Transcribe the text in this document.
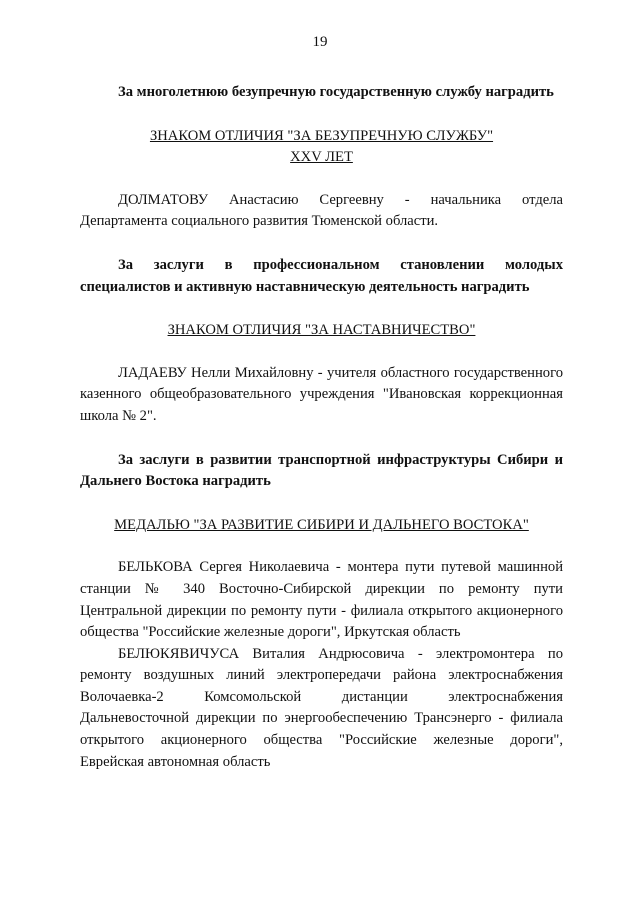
19

За многолетнюю безупречную государственную службу наградить

ЗНАКОМ ОТЛИЧИЯ "ЗА БЕЗУПРЕЧНУЮ СЛУЖБУ"

XXV ЛЕТ

ДОЛМАТОВУ Анастасию Сергеевну - начальника отдела Департамента социального развития Тюменской области.

За заслуги в профессиональном становлении молодых специалистов и активную наставническую деятельность наградить

ЗНАКОМ ОТЛИЧИЯ "ЗА НАСТАВНИЧЕСТВО"

ЛАДАЕВУ Нелли Михайловну - учителя областного государственного казенного общеобразовательного учреждения "Ивановская коррекционная школа № 2".

За заслуги в развитии транспортной инфраструктуры Сибири и Дальнего Востока наградить

МЕДАЛЬЮ "ЗА РАЗВИТИЕ СИБИРИ И ДАЛЬНЕГО ВОСТОКА"

БЕЛЬКОВА Сергея Николаевича - монтера пути путевой машинной станции № 340 Восточно-Сибирской дирекции по ремонту пути Центральной дирекции по ремонту пути - филиала открытого акционерного общества "Российские железные дороги", Иркутская область

БЕЛЮКЯВИЧУСА Виталия Андрюсовича - электромонтера по ремонту воздушных линий электропередачи района электроснабжения Волочаевка-2 Комсомольской дистанции электроснабжения Дальневосточной дирекции по энергообеспечению Трансэнерго - филиала открытого акционерного общества "Российские железные дороги", Еврейская автономная область
